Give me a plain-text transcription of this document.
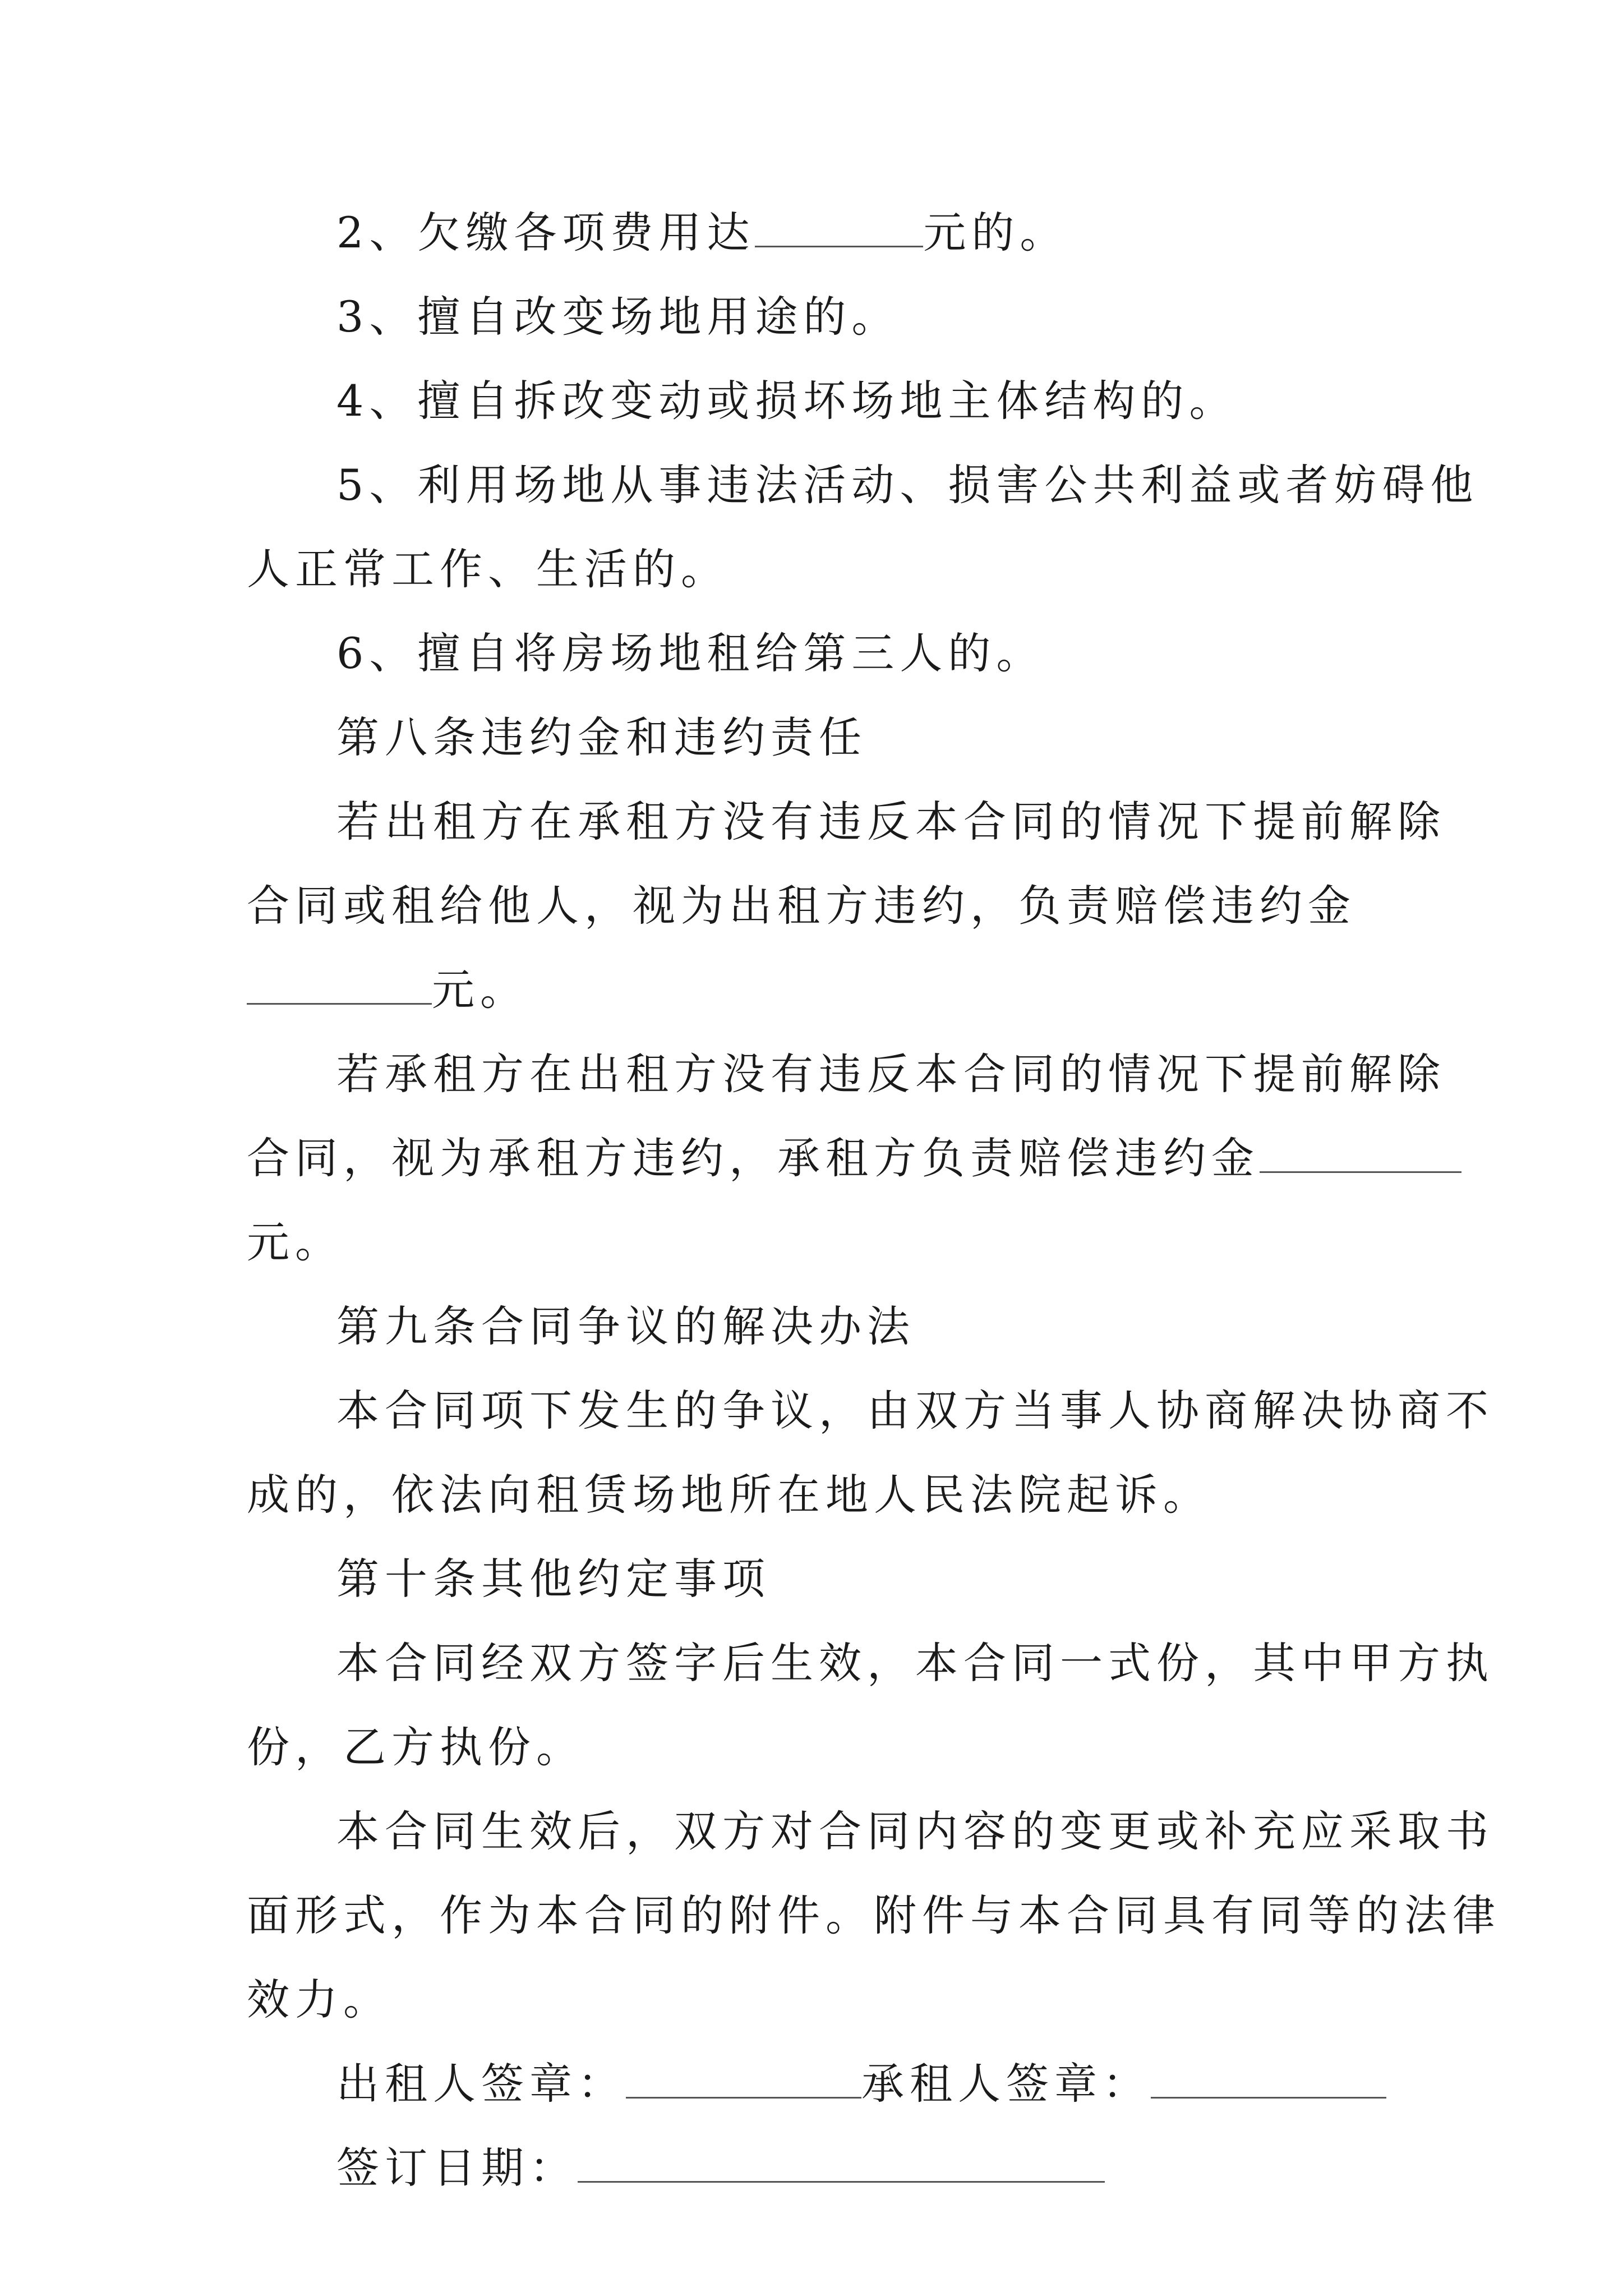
2、欠缴各项费用达	元的。
3、擅自改变场地用途的。
4、擅自拆改变动或损坏场地主体结构的。
5、利用场地从事违法活动、损害公共利益或者妨碍他
人正常工作、生活的。
6、擅自将房场地租给第三人的。
第八条违约金和违约责任
若出租方在承租方没有违反本合同的情况下提前解除
合同或租给他人，视为出租方违约，负责赔偿违约金
元。
若承租方在出租方没有违反本合同的情况下提前解除
合同，视为承租方违约，承租方负责赔偿违约金
元。
第九条合同争议的解决办法
本合同项下发生的争议，由双方当事人协商解决协商不
成的，依法向租赁场地所在地人民法院起诉。
第十条其他约定事项
本合同经双方签字后生效，本合同一式份，其中甲方执
份，乙方执份。
本合同生效后，双方对合同内容的变更或补充应采取书
面形式，作为本合同的附件。附件与本合同具有同等的法律
效力。
出租人签章：	承租人签章：
签订日期：
